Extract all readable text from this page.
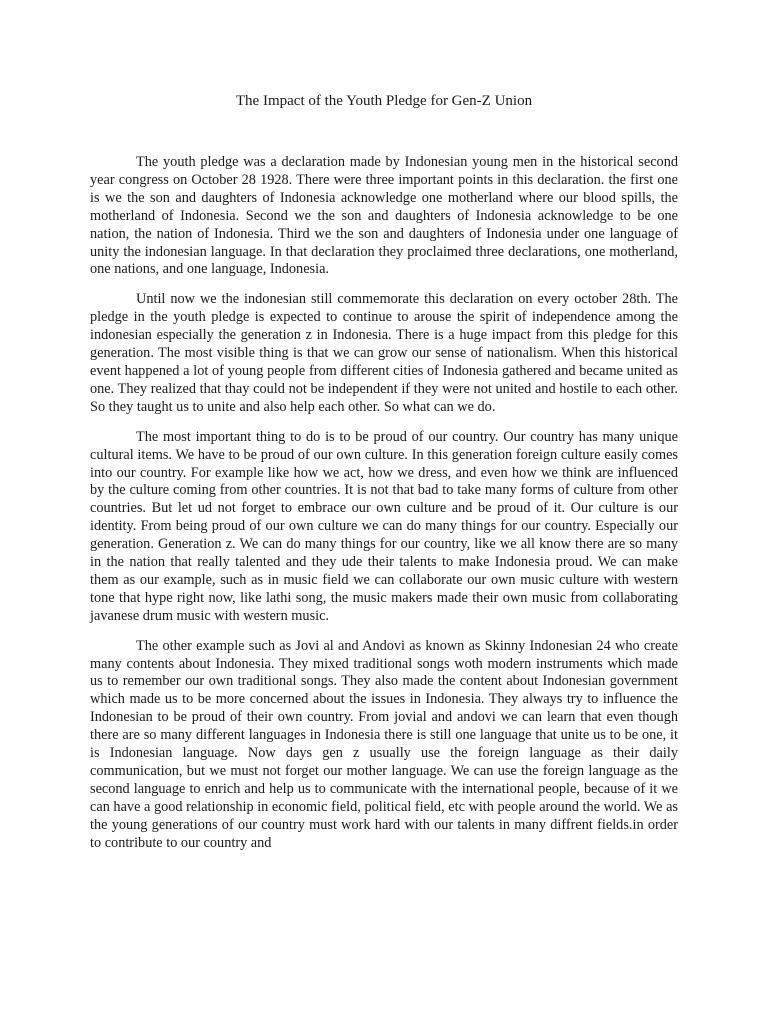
The Impact of the Youth Pledge for Gen-Z Union

The youth pledge was a declaration made by Indonesian young men in the historical second year congress on October 28 1928. There were three important points in this declaration. the first one is we the son and daughters of Indonesia acknowledge one motherland where our blood spills, the motherland of Indonesia. Second we the son and daughters of Indonesia acknowledge to be one nation, the nation of Indonesia. Third we the son and daughters of Indonesia under one language of unity the indonesian language. In that declaration they proclaimed three declarations, one motherland, one nations, and one language, Indonesia.

Until now we the indonesian still commemorate this declaration on every october 28th. The pledge in the youth pledge is expected to continue to arouse the spirit of independence among the indonesian especially the generation z in Indonesia. There is a huge impact from this pledge for this generation. The most visible thing is that we can grow our sense of nationalism. When this historical event happened a lot of young people from different cities of Indonesia gathered and became united as one. They realized that thay could not be independent if they were not united and hostile to each other. So they taught us to unite and also help each other. So what can we do.

The most important thing to do is to be proud of our country. Our country has many unique cultural items. We have to be proud of our own culture. In this generation foreign culture easily comes into our country. For example like how we act, how we dress, and even how we think are influenced by the culture coming from other countries. It is not that bad to take many forms of culture from other countries. But let ud not forget to embrace our own culture and be proud of it. Our culture is our identity. From being proud of our own culture we can do many things for our country. Especially our generation. Generation z. We can do many things for our country, like we all know there are so many in the nation that really talented and they ude their talents to make Indonesia proud. We can make them as our example, such as in music field we can collaborate our own music culture with western tone that hype right now, like lathi song, the music makers made their own music from collaborating javanese drum music with western music.

The other example such as Jovi al and Andovi as known as Skinny Indonesian 24 who create many contents about Indonesia. They mixed traditional songs woth modern instruments which made us to remember our own traditional songs. They also made the content about Indonesian government which made us to be more concerned about the issues in Indonesia. They always try to influence the Indonesian to be proud of their own country. From jovial and andovi we can learn that even though there are so many different languages in Indonesia there is still one language that unite us to be one, it is Indonesian language. Now days gen z usually use the foreign language as their daily communication, but we must not forget our mother language. We can use the foreign language as the second language to enrich and help us to communicate with the international people, because of it we can have a good relationship in economic field, political field, etc with people around the world. We as the young generations of our country must work hard with our talents in many diffrent fields.in order to contribute to our country and
